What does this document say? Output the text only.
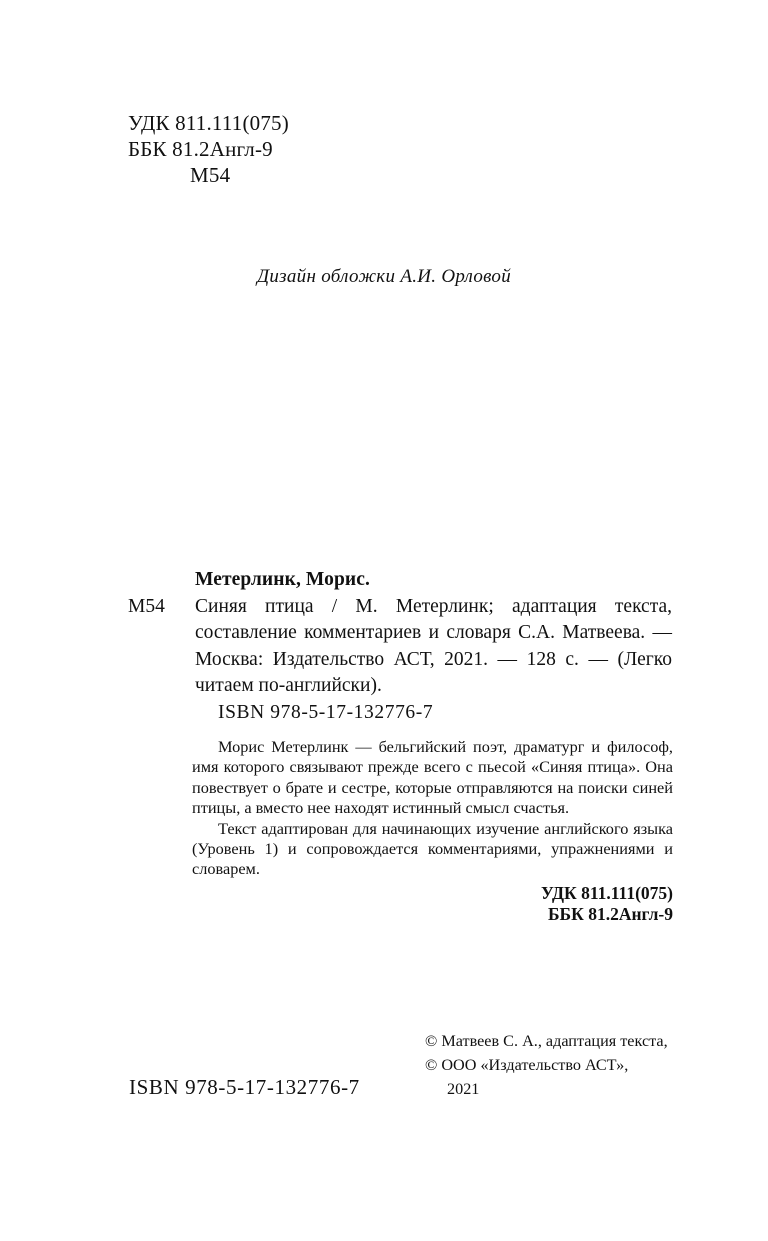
УДК 811.111(075)
ББК 81.2Англ-9
М54
Дизайн обложки А.И. Орловой
Метерлинк, Морис.
М54 Синяя птица / М. Метерлинк; адаптация текста, составление комментариев и словаря С.А. Матвеева. — Москва: Издательство АСТ, 2021. — 128 с. — (Легко читаем по-английски).
ISBN 978-5-17-132776-7

Морис Метерлинк — бельгийский поэт, драматург и философ, имя которого связывают прежде всего с пьесой «Синяя птица». Она повествует о брате и сестре, которые отправляются на поиски синей птицы, а вместо нее находят истинный смысл счастья.

Текст адаптирован для начинающих изучение английского языка (Уровень 1) и сопровождается комментариями, упражнениями и словарем.

УДК 811.111(075)
ББК 81.2Англ-9
ISBN 978-5-17-132776-7
© Матвеев С. А., адаптация текста,
© ООО «Издательство АСТ»,
2021
